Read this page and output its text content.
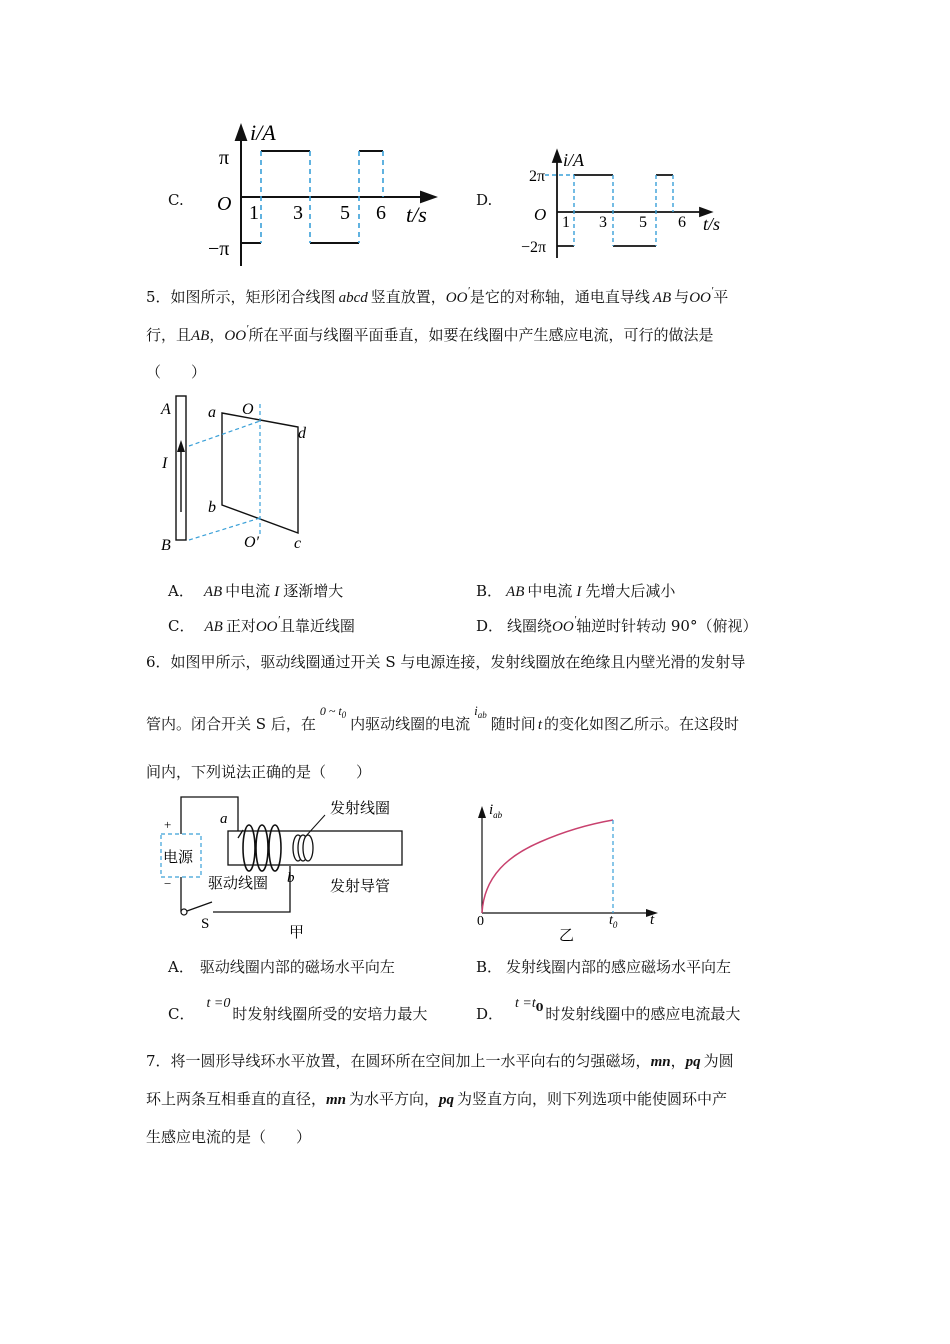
C.
i/A
π
O
−π
1 3 5 6 t/s
D.
i/A
2π
O
−2π
1 3 5 6 t/s
5．如图所示，矩形闭合线图 abcd 竖直放置，OO′是它的对称轴，通电直导线 AB 与OO′平
行，且AB，OO′所在平面与线圈平面垂直，如要在线圈中产生感应电流，可行的做法是
（　　）
A
I
B
a O
d
b
O′ c
A． AB 中电流 I 逐渐增大	B． AB 中电流 I 先增大后减小
C． AB 正对OO′且靠近线圈	D． 线圈绕OO′轴逆时针转动 90°（俯视）
6．如图甲所示，驱动线圈通过开关 S 与电源连接，发射线圈放在绝缘且内壁光滑的发射导
管内。闭合开关 S 后，在$^{0 \sim t_0}$ 内驱动线圈的电流$i_{ab}$ 随时间 t 的变化如图乙所示。在这段时
间内，下列说法正确的是（　　）
+
电源
−
a
发射线圈
驱动线圈 b
发射导管
S
甲
$i_{ab}$
0	$t_0$ t
乙
A． 驱动线圈内部的磁场水平向左	B． 发射线圈内部的感应磁场水平向左
C．t =0时发射线圈所受的安培力最大	D．$t =t_0$ 时发射线圈中的感应电流最大
7．将一圆形导线环水平放置，在圆环所在空间加上一水平向右的匀强磁场，mn，pq 为圆
环上两条互相垂直的直径，mn 为水平方向，pq 为竖直方向，则下列选项中能使圆环中产
生感应电流的是（　　）
